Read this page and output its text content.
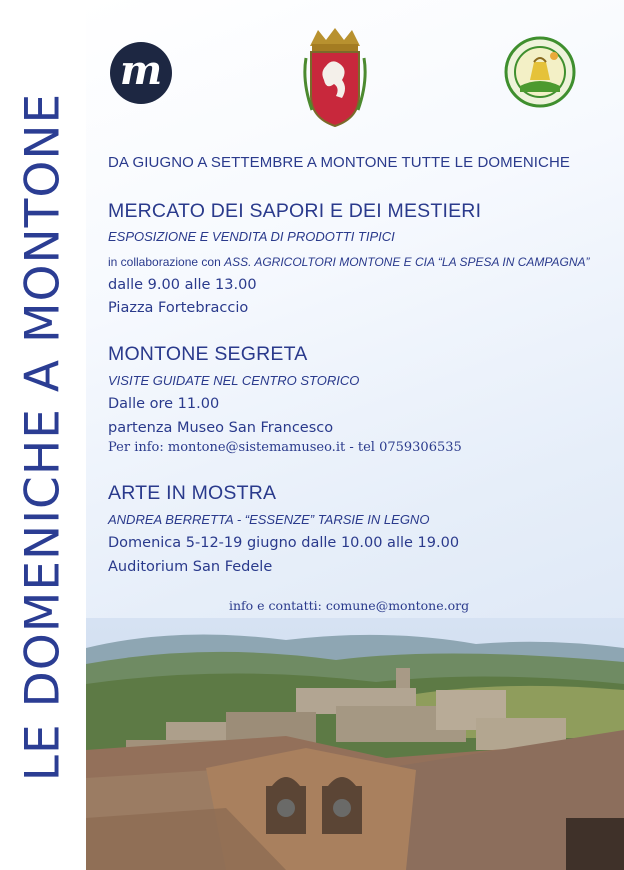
LE DOMENICHE A MONTONE
m
DA GIUGNO A SETTEMBRE A MONTONE TUTTE LE DOMENICHE
MERCATO DEI SAPORI E DEI MESTIERI
ESPOSIZIONE E VENDITA DI PRODOTTI TIPICI
in collaborazione con ASS. AGRICOLTORI MONTONE E CIA “LA SPESA IN CAMPAGNA”
dalle 9.00 alle 13.00
Piazza Fortebraccio
MONTONE SEGRETA
VISITE GUIDATE NEL CENTRO STORICO
Dalle ore 11.00
partenza Museo San Francesco
Per info: montone@sistemamuseo.it - tel 0759306535
ARTE IN MOSTRA
ANDREA BERRETTA - “ESSENZE” TARSIE IN LEGNO
Domenica 5-12-19 giugno dalle 10.00 alle 19.00
Auditorium San Fedele
info e contatti: comune@montone.org
